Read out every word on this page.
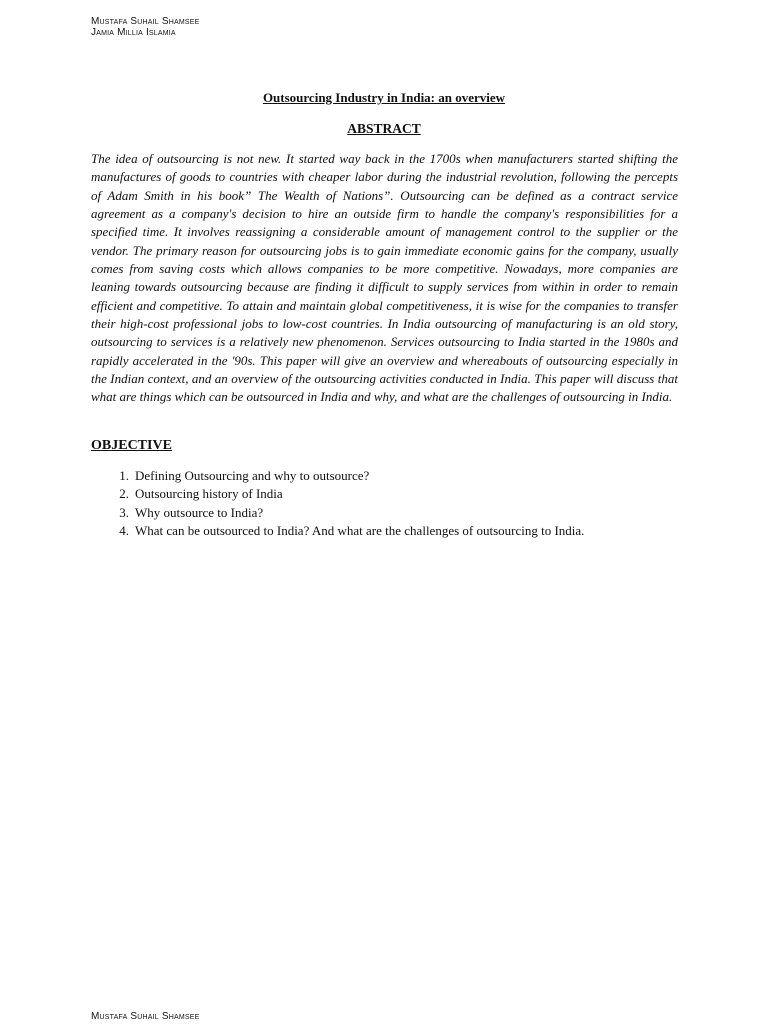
Mustafa Suhail Shamsee
Jamia Millia Islamia
Outsourcing Industry in India: an overview
ABSTRACT

The idea of outsourcing is not new. It started way back in the 1700s when manufacturers started shifting the manufactures of goods to countries with cheaper labor during the industrial revolution, following the percepts of Adam Smith in his book” The Wealth of Nations”. Outsourcing can be defined as a contract service agreement as a company's decision to hire an outside firm to handle the company's responsibilities for a specified time. It involves reassigning a considerable amount of management control to the supplier or the vendor. The primary reason for outsourcing jobs is to gain immediate economic gains for the company, usually comes from saving costs which allows companies to be more competitive. Nowadays, more companies are leaning towards outsourcing because are finding it difficult to supply services from within in order to remain efficient and competitive. To attain and maintain global competitiveness, it is wise for the companies to transfer their high-cost professional jobs to low-cost countries. In India outsourcing of manufacturing is an old story, outsourcing to services is a relatively new phenomenon. Services outsourcing to India started in the 1980s and rapidly accelerated in the '90s. This paper will give an overview and whereabouts of outsourcing especially in the Indian context, and an overview of the outsourcing activities conducted in India. This paper will discuss that what are things which can be outsourced in India and why, and what are the challenges of outsourcing in India.

OBJECTIVE
1. Defining Outsourcing and why to outsource?
2. Outsourcing history of India
3. Why outsource to India?
4. What can be outsourced to India? And what are the challenges of outsourcing to India.
Mustafa Suhail Shamsee
